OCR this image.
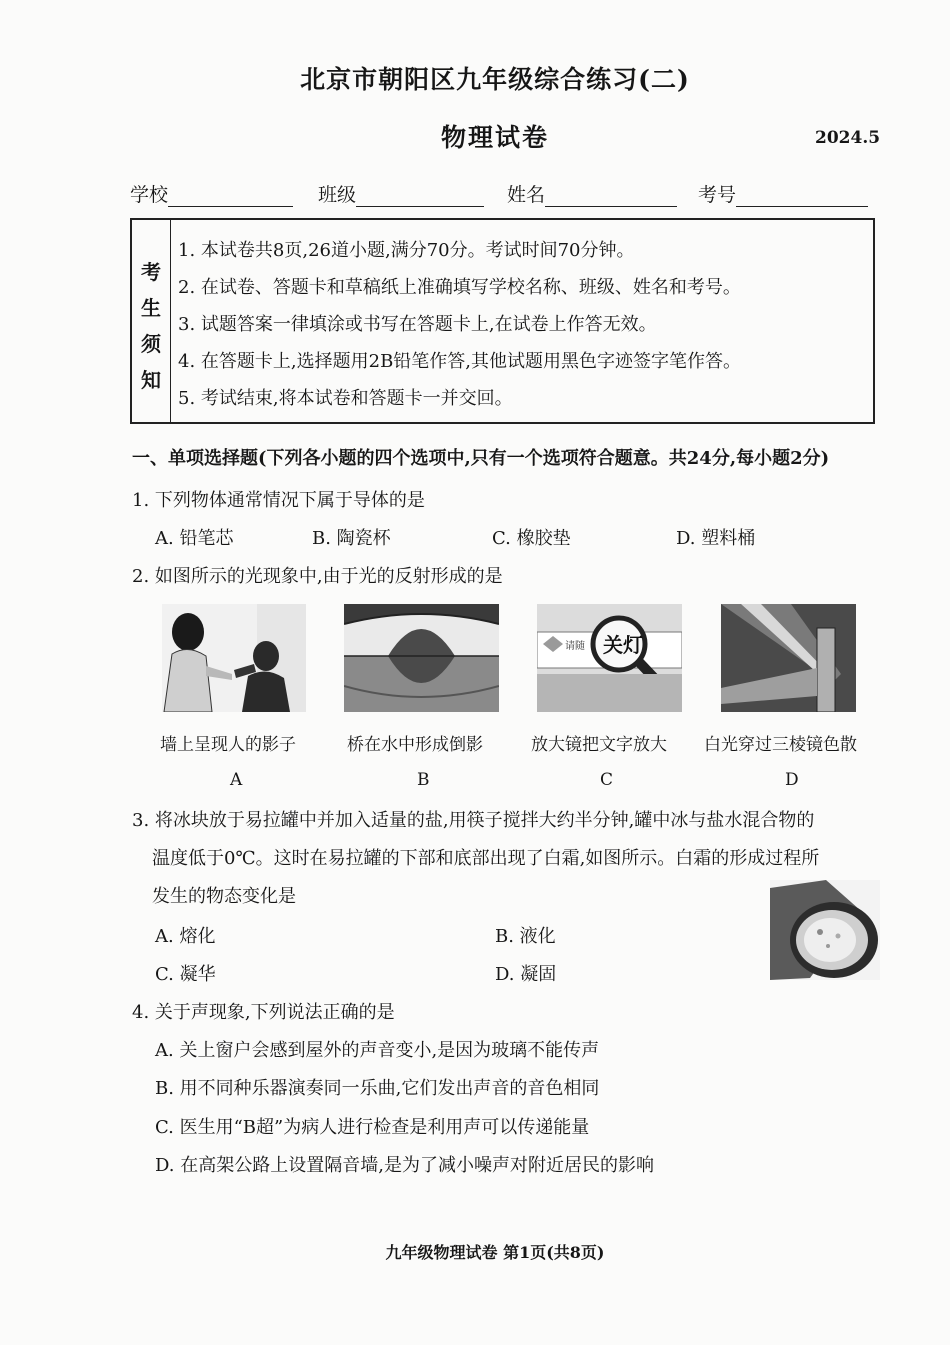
北京市朝阳区九年级综合练习(二)
物理试卷	2024.5
学校	班级	姓名	考号
考
生
须
知
1. 本试卷共8页,26道小题,满分70分。考试时间70分钟。
2. 在试卷、答题卡和草稿纸上准确填写学校名称、班级、姓名和考号。
3. 试题答案一律填涂或书写在答题卡上,在试卷上作答无效。
4. 在答题卡上,选择题用2B铅笔作答,其他试题用黑色字迹签字笔作答。
5. 考试结束,将本试卷和答题卡一并交回。
一、单项选择题(下列各小题的四个选项中,只有一个选项符合题意。共24分,每小题2分)
1. 下列物体通常情况下属于导体的是
A. 铅笔芯	B. 陶瓷杯	C. 橡胶垫	D. 塑料桶
2. 如图所示的光现象中,由于光的反射形成的是
请随 关灯
墙上呈现人的影子	桥在水中形成倒影	放大镜把文字放大 白光穿过三棱镜色散
A	B	C	D
3. 将冰块放于易拉罐中并加入适量的盐,用筷子搅拌大约半分钟,罐中冰与盐水混合物的
温度低于0℃。这时在易拉罐的下部和底部出现了白霜,如图所示。白霜的形成过程所
发生的物态变化是
A. 熔化	B. 液化
C. 凝华	D. 凝固
4. 关于声现象,下列说法正确的是
A. 关上窗户会感到屋外的声音变小,是因为玻璃不能传声
B. 用不同种乐器演奏同一乐曲,它们发出声音的音色相同
C. 医生用“B超”为病人进行检查是利用声可以传递能量
D. 在高架公路上设置隔音墙,是为了减小噪声对附近居民的影响
九年级物理试卷 第1页(共8页)
